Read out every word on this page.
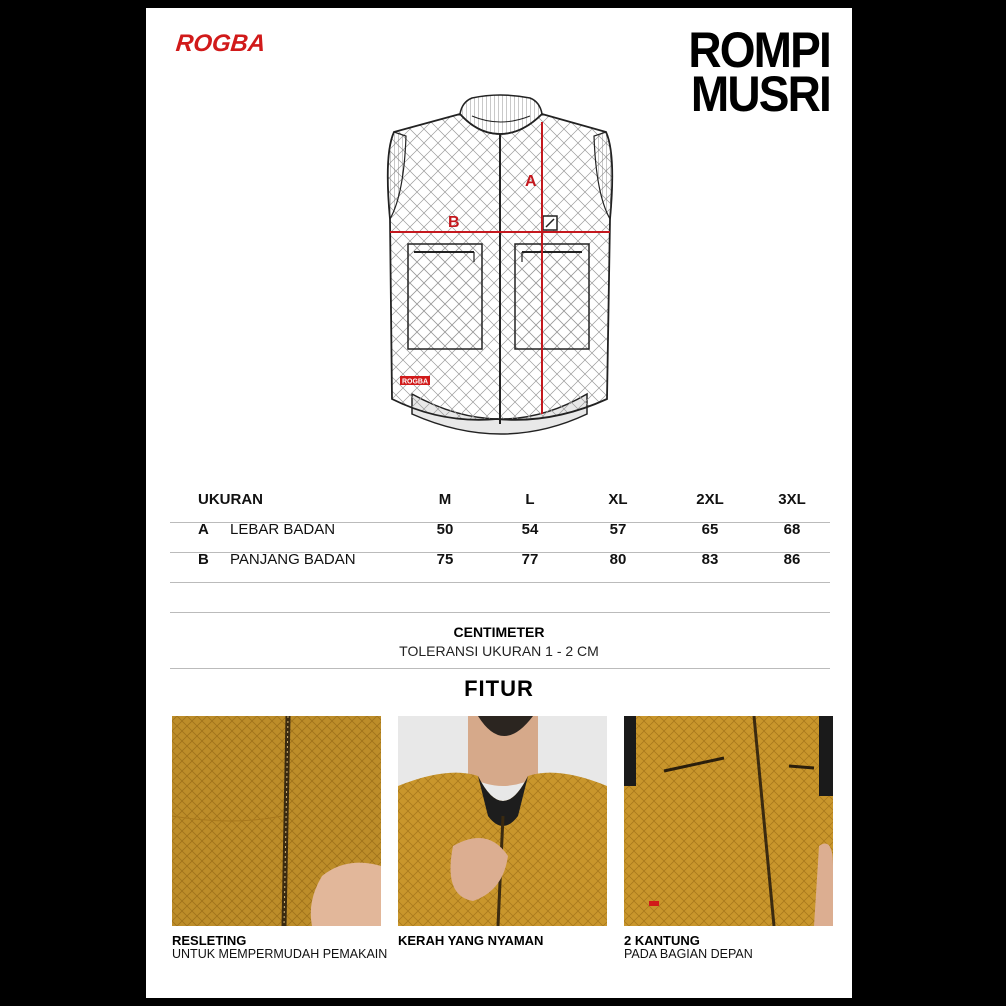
ROGBA	ROMPI
MUSRI
ROGBA
A
B
UKURAN	M	L	XL	2XL	3XL
A LEBAR BADAN	50	54	57	65	68
B PANJANG BADAN	75	77	80	83	86
CENTIMETER
TOLERANSI UKURAN 1 - 2 CM
FITUR
RESLETING
UNTUK MEMPERMUDAH PEMAKAIN
KERAH YANG NYAMAN	2 KANTUNG
PADA BAGIAN DEPAN
